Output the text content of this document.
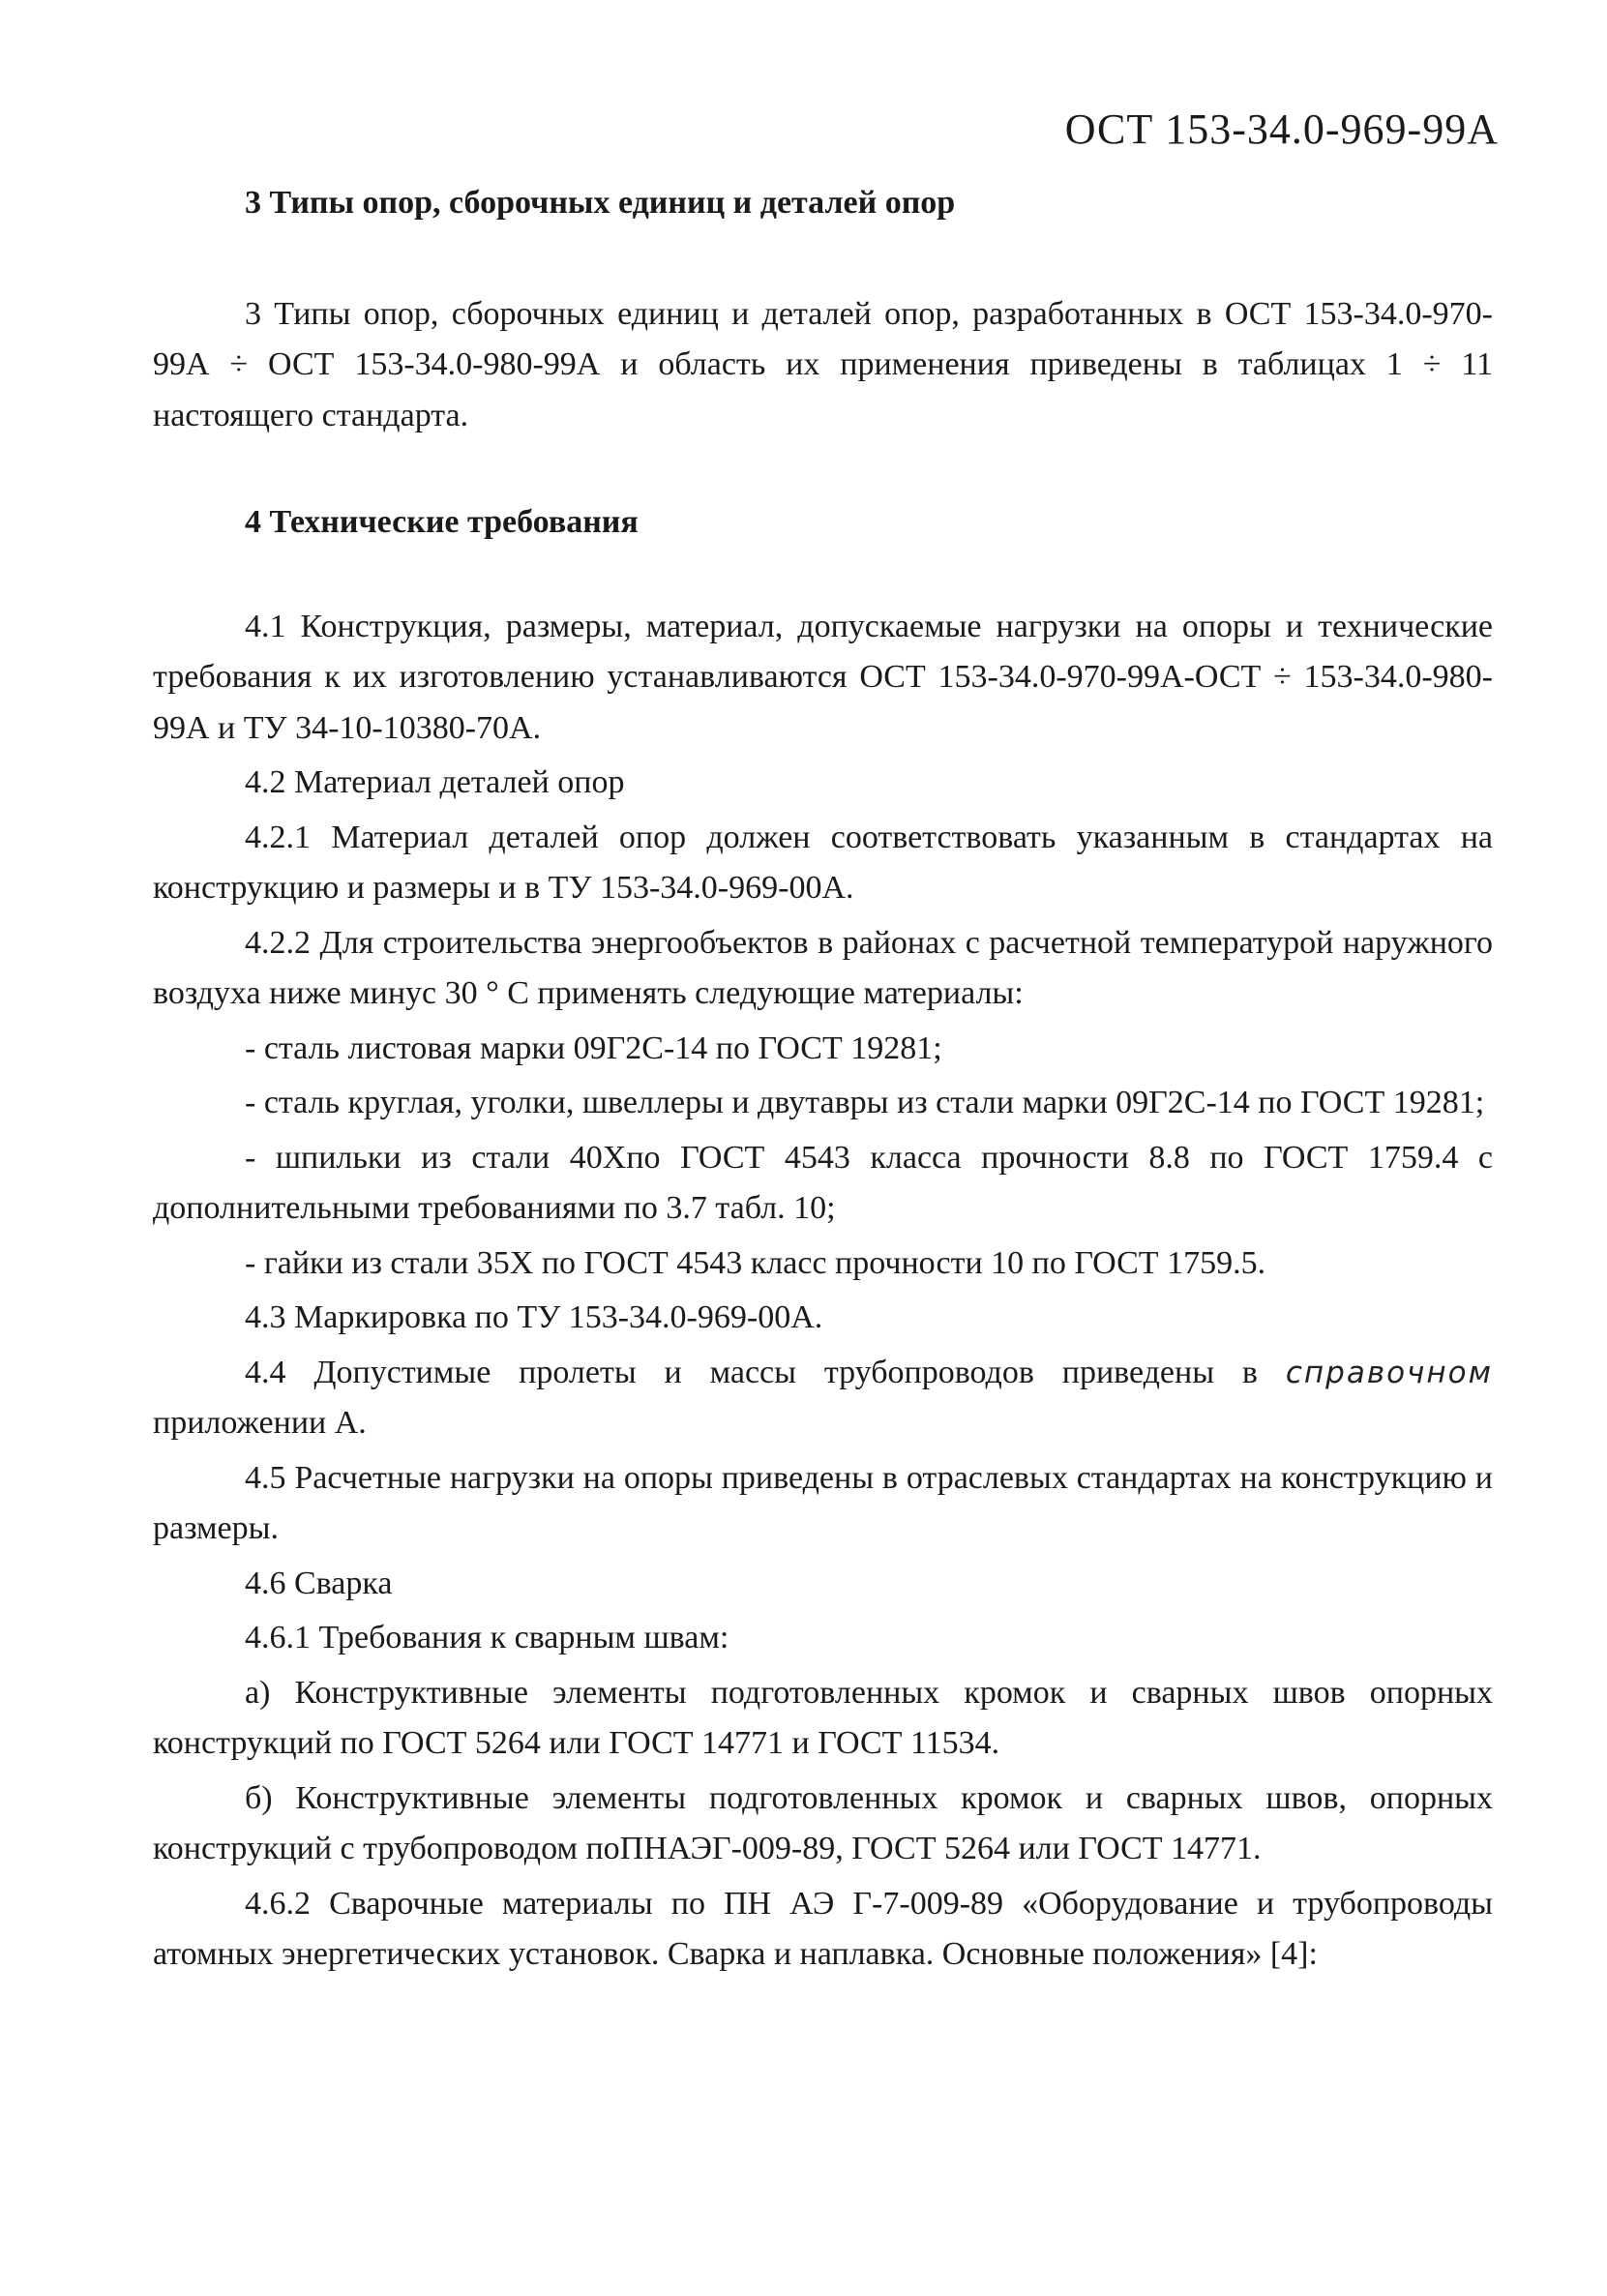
ОСТ 153-34.0-969-99А

3 Типы опор, сборочных единиц и деталей опор

3 Типы опор, сборочных единиц и деталей опор, разработанных в ОСТ 153-34.0-970-99А ÷ ОСТ 153-34.0-980-99А и область их применения приведены в таблицах 1 ÷ 11 настоящего стандарта.

4 Технические требования

4.1 Конструкция, размеры, материал, допускаемые нагрузки на опоры и технические требования к их изготовлению устанавливаются ОСТ 153-34.0-970-99А-ОСТ ÷ 153-34.0-980-99А и ТУ 34-10-10380-70А.

4.2 Материал деталей опор

4.2.1 Материал деталей опор должен соответствовать указанным в стандартах на конструкцию и размеры и в ТУ 153-34.0-969-00А.

4.2.2 Для строительства энергообъектов в районах с расчетной температурой наружного воздуха ниже минус 30 ° С применять следующие материалы:

- сталь листовая марки 09Г2С-14 по ГОСТ 19281;

- сталь круглая, уголки, швеллеры и двутавры из стали марки 09Г2С-14 по ГОСТ 19281;

- шпильки из стали 40Хпо ГОСТ 4543 класса прочности 8.8 по ГОСТ 1759.4 с дополнительными требованиями по 3.7 табл. 10;

- гайки из стали 35Х по ГОСТ 4543 класс прочности 10 по ГОСТ 1759.5.

4.3 Маркировка по ТУ 153-34.0-969-00А.

4.4 Допустимые пролеты и массы трубопроводов приведены в справочном приложении А.

4.5 Расчетные нагрузки на опоры приведены в отраслевых стандартах на конструкцию и размеры.

4.6 Сварка

4.6.1 Требования к сварным швам:

а) Конструктивные элементы подготовленных кромок и сварных швов опорных конструкций по ГОСТ 5264 или ГОСТ 14771 и ГОСТ 11534.

б) Конструктивные элементы подготовленных кромок и сварных швов, опорных конструкций с трубопроводом поПНАЭГ-009-89, ГОСТ 5264 или ГОСТ 14771.

4.6.2 Сварочные материалы по ПН АЭ Г-7-009-89 «Оборудование и трубопроводы атомных энергетических установок. Сварка и наплавка. Основные положения» [4]:
